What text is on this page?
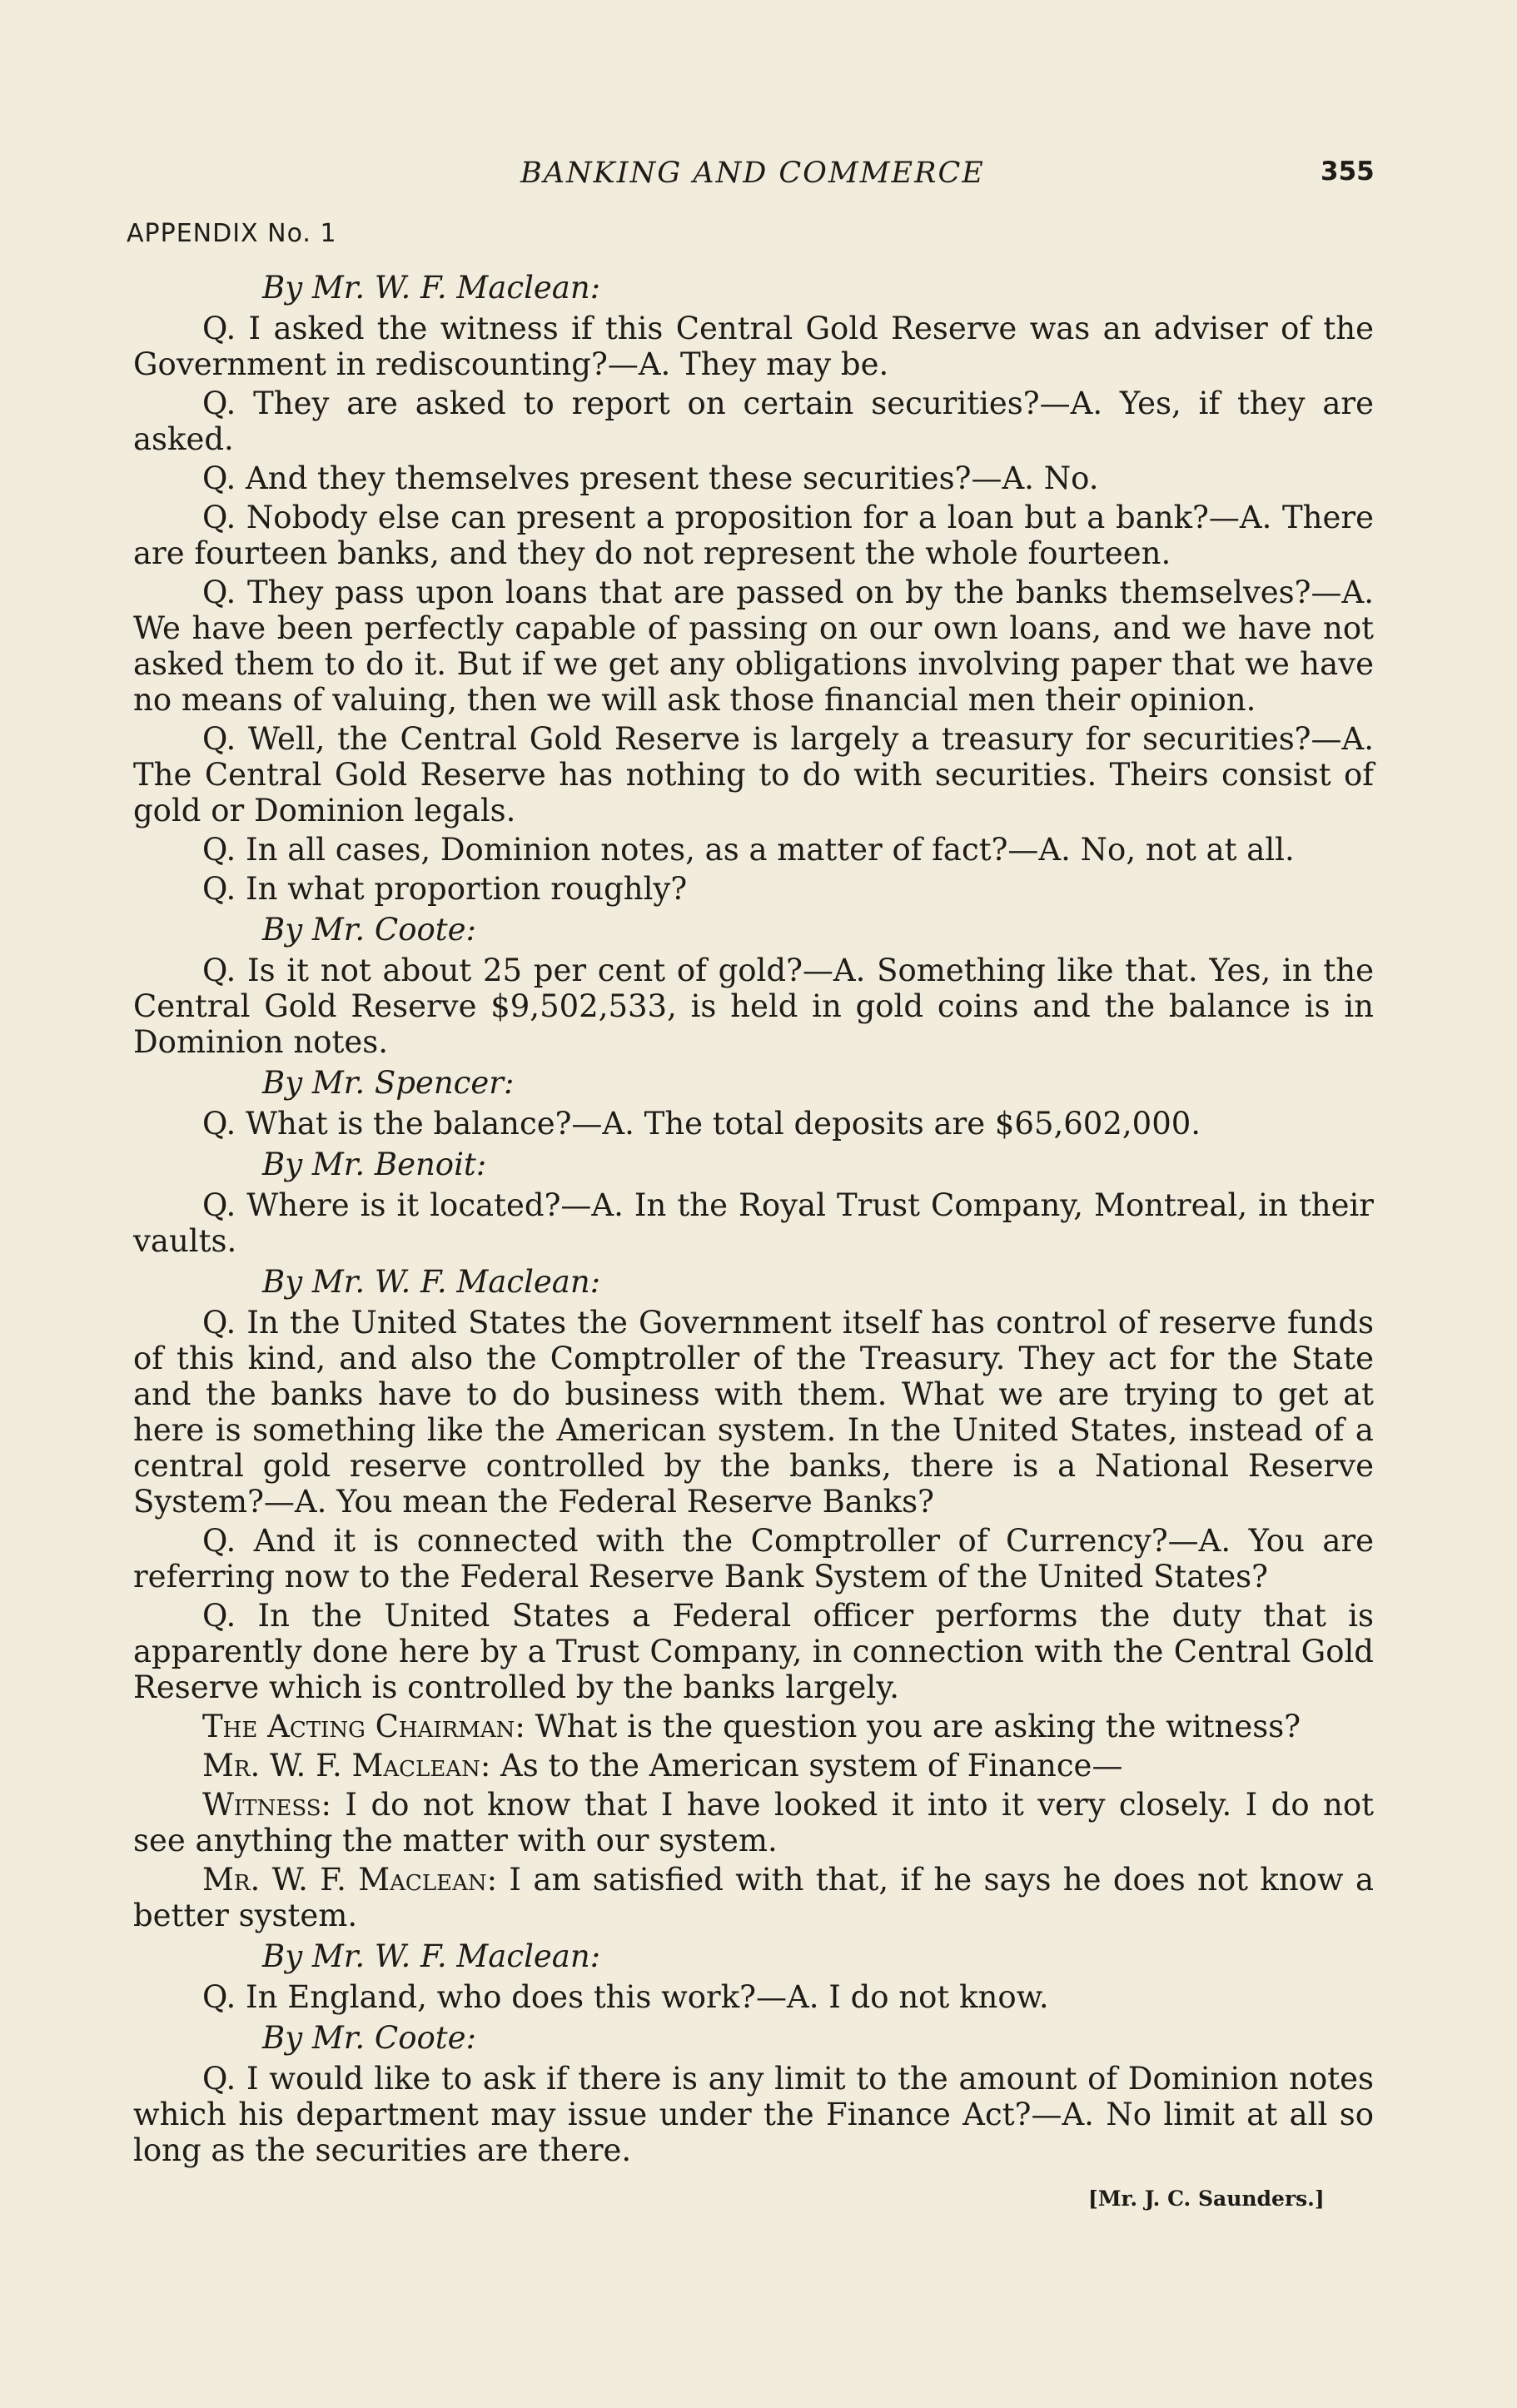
BANKING AND COMMERCE	355
APPENDIX No. 1
By Mr. W. F. Maclean:

Q. I asked the witness if this Central Gold Reserve was an adviser of the Government in rediscounting?—A. They may be.

Q. They are asked to report on certain securities?—A. Yes, if they are asked.

Q. And they themselves present these securities?—A. No.

Q. Nobody else can present a proposition for a loan but a bank?—A. There are fourteen banks, and they do not represent the whole fourteen.

Q. They pass upon loans that are passed on by the banks themselves?—A. We have been perfectly capable of passing on our own loans, and we have not asked them to do it. But if we get any obligations involving paper that we have no means of valuing, then we will ask those financial men their opinion.

Q. Well, the Central Gold Reserve is largely a treasury for securities?—A. The Central Gold Reserve has nothing to do with securities. Theirs consist of gold or Dominion legals.

Q. In all cases, Dominion notes, as a matter of fact?—A. No, not at all.

Q. In what proportion roughly?

By Mr. Coote:

Q. Is it not about 25 per cent of gold?—A. Something like that. Yes, in the Central Gold Reserve $9,502,533, is held in gold coins and the balance is in Dominion notes.

By Mr. Spencer:

Q. What is the balance?—A. The total deposits are $65,602,000.

By Mr. Benoit:

Q. Where is it located?—A. In the Royal Trust Company, Montreal, in their vaults.

By Mr. W. F. Maclean:

Q. In the United States the Government itself has control of reserve funds of this kind, and also the Comptroller of the Treasury. They act for the State and the banks have to do business with them. What we are trying to get at here is something like the American system. In the United States, instead of a central gold reserve controlled by the banks, there is a National Reserve System?—A. You mean the Federal Reserve Banks?

Q. And it is connected with the Comptroller of Currency?—A. You are referring now to the Federal Reserve Bank System of the United States?

Q. In the United States a Federal officer performs the duty that is apparently done here by a Trust Company, in connection with the Central Gold Reserve which is controlled by the banks largely.

The Acting Chairman: What is the question you are asking the witness?

Mr. W. F. Maclean: As to the American system of Finance—

Witness: I do not know that I have looked it into it very closely. I do not see anything the matter with our system.

Mr. W. F. Maclean: I am satisfied with that, if he says he does not know a better system.

By Mr. W. F. Maclean:

Q. In England, who does this work?—A. I do not know.

By Mr. Coote:

Q. I would like to ask if there is any limit to the amount of Dominion notes which his department may issue under the Finance Act?—A. No limit at all so long as the securities are there.

[Mr. J. C. Saunders.]
